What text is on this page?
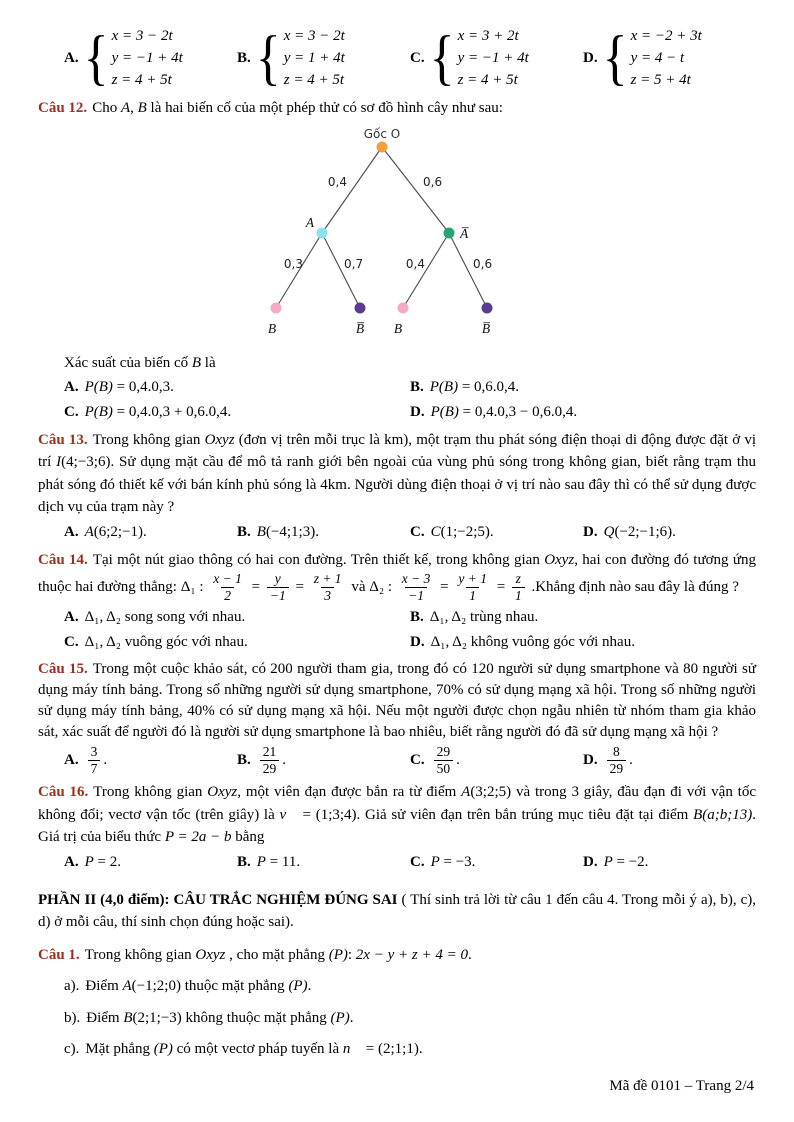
A. { x = 3 − 2t
y = −1 + 4t
z = 4 + 5t
B. { x = 3 − 2t
y = 1 + 4t
z = 4 + 5t
C. { x = 3 + 2t
y = −1 + 4t
z = 4 + 5t
D. { x = −2 + 3t
y = 4 − t
z = 5 + 4t

Câu 12. Cho A, B là hai biến cố của một phép thử có sơ đồ hình cây như sau:

0,4	0,6
0,3	0,7	0,4	0,6
Gốc O
A
A̅
B	B̅ B	B̅

Xác suất của biến cố B là

A. P(B) = 0,4.0,3.	B. P(B) = 0,6.0,4.
C. P(B) = 0,4.0,3 + 0,6.0,4.	D. P(B) = 0,4.0,3 − 0,6.0,4.

Câu 13. Trong không gian Oxyz (đơn vị trên mỗi trục là km), một trạm thu phát sóng điện thoại di động được đặt ở vị trí I(4;−3;6). Sử dụng mặt cầu để mô tả ranh giới bên ngoài của vùng phủ sóng trong không gian, biết rằng trạm thu phát sóng đó thiết kế với bán kính phủ sóng là 4km. Người dùng điện thoại ở vị trí nào sau đây thì có thể sử dụng được dịch vụ của trạm này ?

A. A(6;2;−1).	B. B(−4;1;3).	C. C(1;−2;5).	D. Q(−2;−1;6).

Câu 14. Tại một nút giao thông có hai con đường. Trên thiết kế, trong không gian Oxyz, hai con đường đó tương ứng thuộc hai đường thẳng: Δ₁ : $\frac{x - 1}{2} = \frac{y}{-1} = \frac{z + 1}{3}$ và Δ₂ : $\frac{x - 3}{-1} = \frac{y + 1}{1} = \frac{z}{1}$ .Khẳng định nào sau đây là đúng ?

A. Δ₁, Δ₂ song song với nhau.	B. Δ₁, Δ₂ trùng nhau.
C. Δ₁, Δ₂ vuông góc với nhau.	D. Δ₁, Δ₂ không vuông góc với nhau.

Câu 15. Trong một cuộc khảo sát, có 200 người tham gia, trong đó có 120 người sử dụng smartphone và 80 người sử dụng máy tính bảng. Trong số những người sử dụng smartphone, 70% có sử dụng mạng xã hội. Trong số những người sử dụng máy tính bảng, 40% có sử dụng mạng xã hội. Nếu một người được chọn ngẫu nhiên từ nhóm tham gia khảo sát, xác suất để người đó là người sử dụng smartphone là bao nhiêu, biết rằng người đó đã sử dụng mạng xã hội ?

A. $\frac{3}{7}$ .	B. $\frac{21}{29}$ .	C. $\frac{29}{50}$ .	D. $\frac{8}{29}$ .

Câu 16. Trong không gian Oxyz, một viên đạn được bắn ra từ điểm A(3;2;5) và trong 3 giây, đầu đạn đi với vận tốc không đổi; vectơ vận tốc (trên giây) là v⃗ = (1;3;4). Giả sử viên đạn trên bắn trúng mục tiêu đặt tại điểm B(a;b;13). Giá trị của biểu thức P = 2a − b bằng

A. P = 2.	B. P = 11.	C. P = −3.	D. P = −2.

PHẦN II (4,0 điểm): CÂU TRẮC NGHIỆM ĐÚNG SAI ( Thí sinh trả lời từ câu 1 đến câu 4. Trong mỗi ý a), b), c), d) ở mỗi câu, thí sinh chọn đúng hoặc sai).

Câu 1. Trong không gian Oxyz , cho mặt phẳng (P): 2x − y + z + 4 = 0.

a). Điểm A(−1;2;0) thuộc mặt phẳng (P).

b). Điểm B(2;1;−3) không thuộc mặt phẳng (P).

c). Mặt phẳng (P) có một vectơ pháp tuyến là n⃗ = (2;1;1).

Mã đề 0101 – Trang 2/4
